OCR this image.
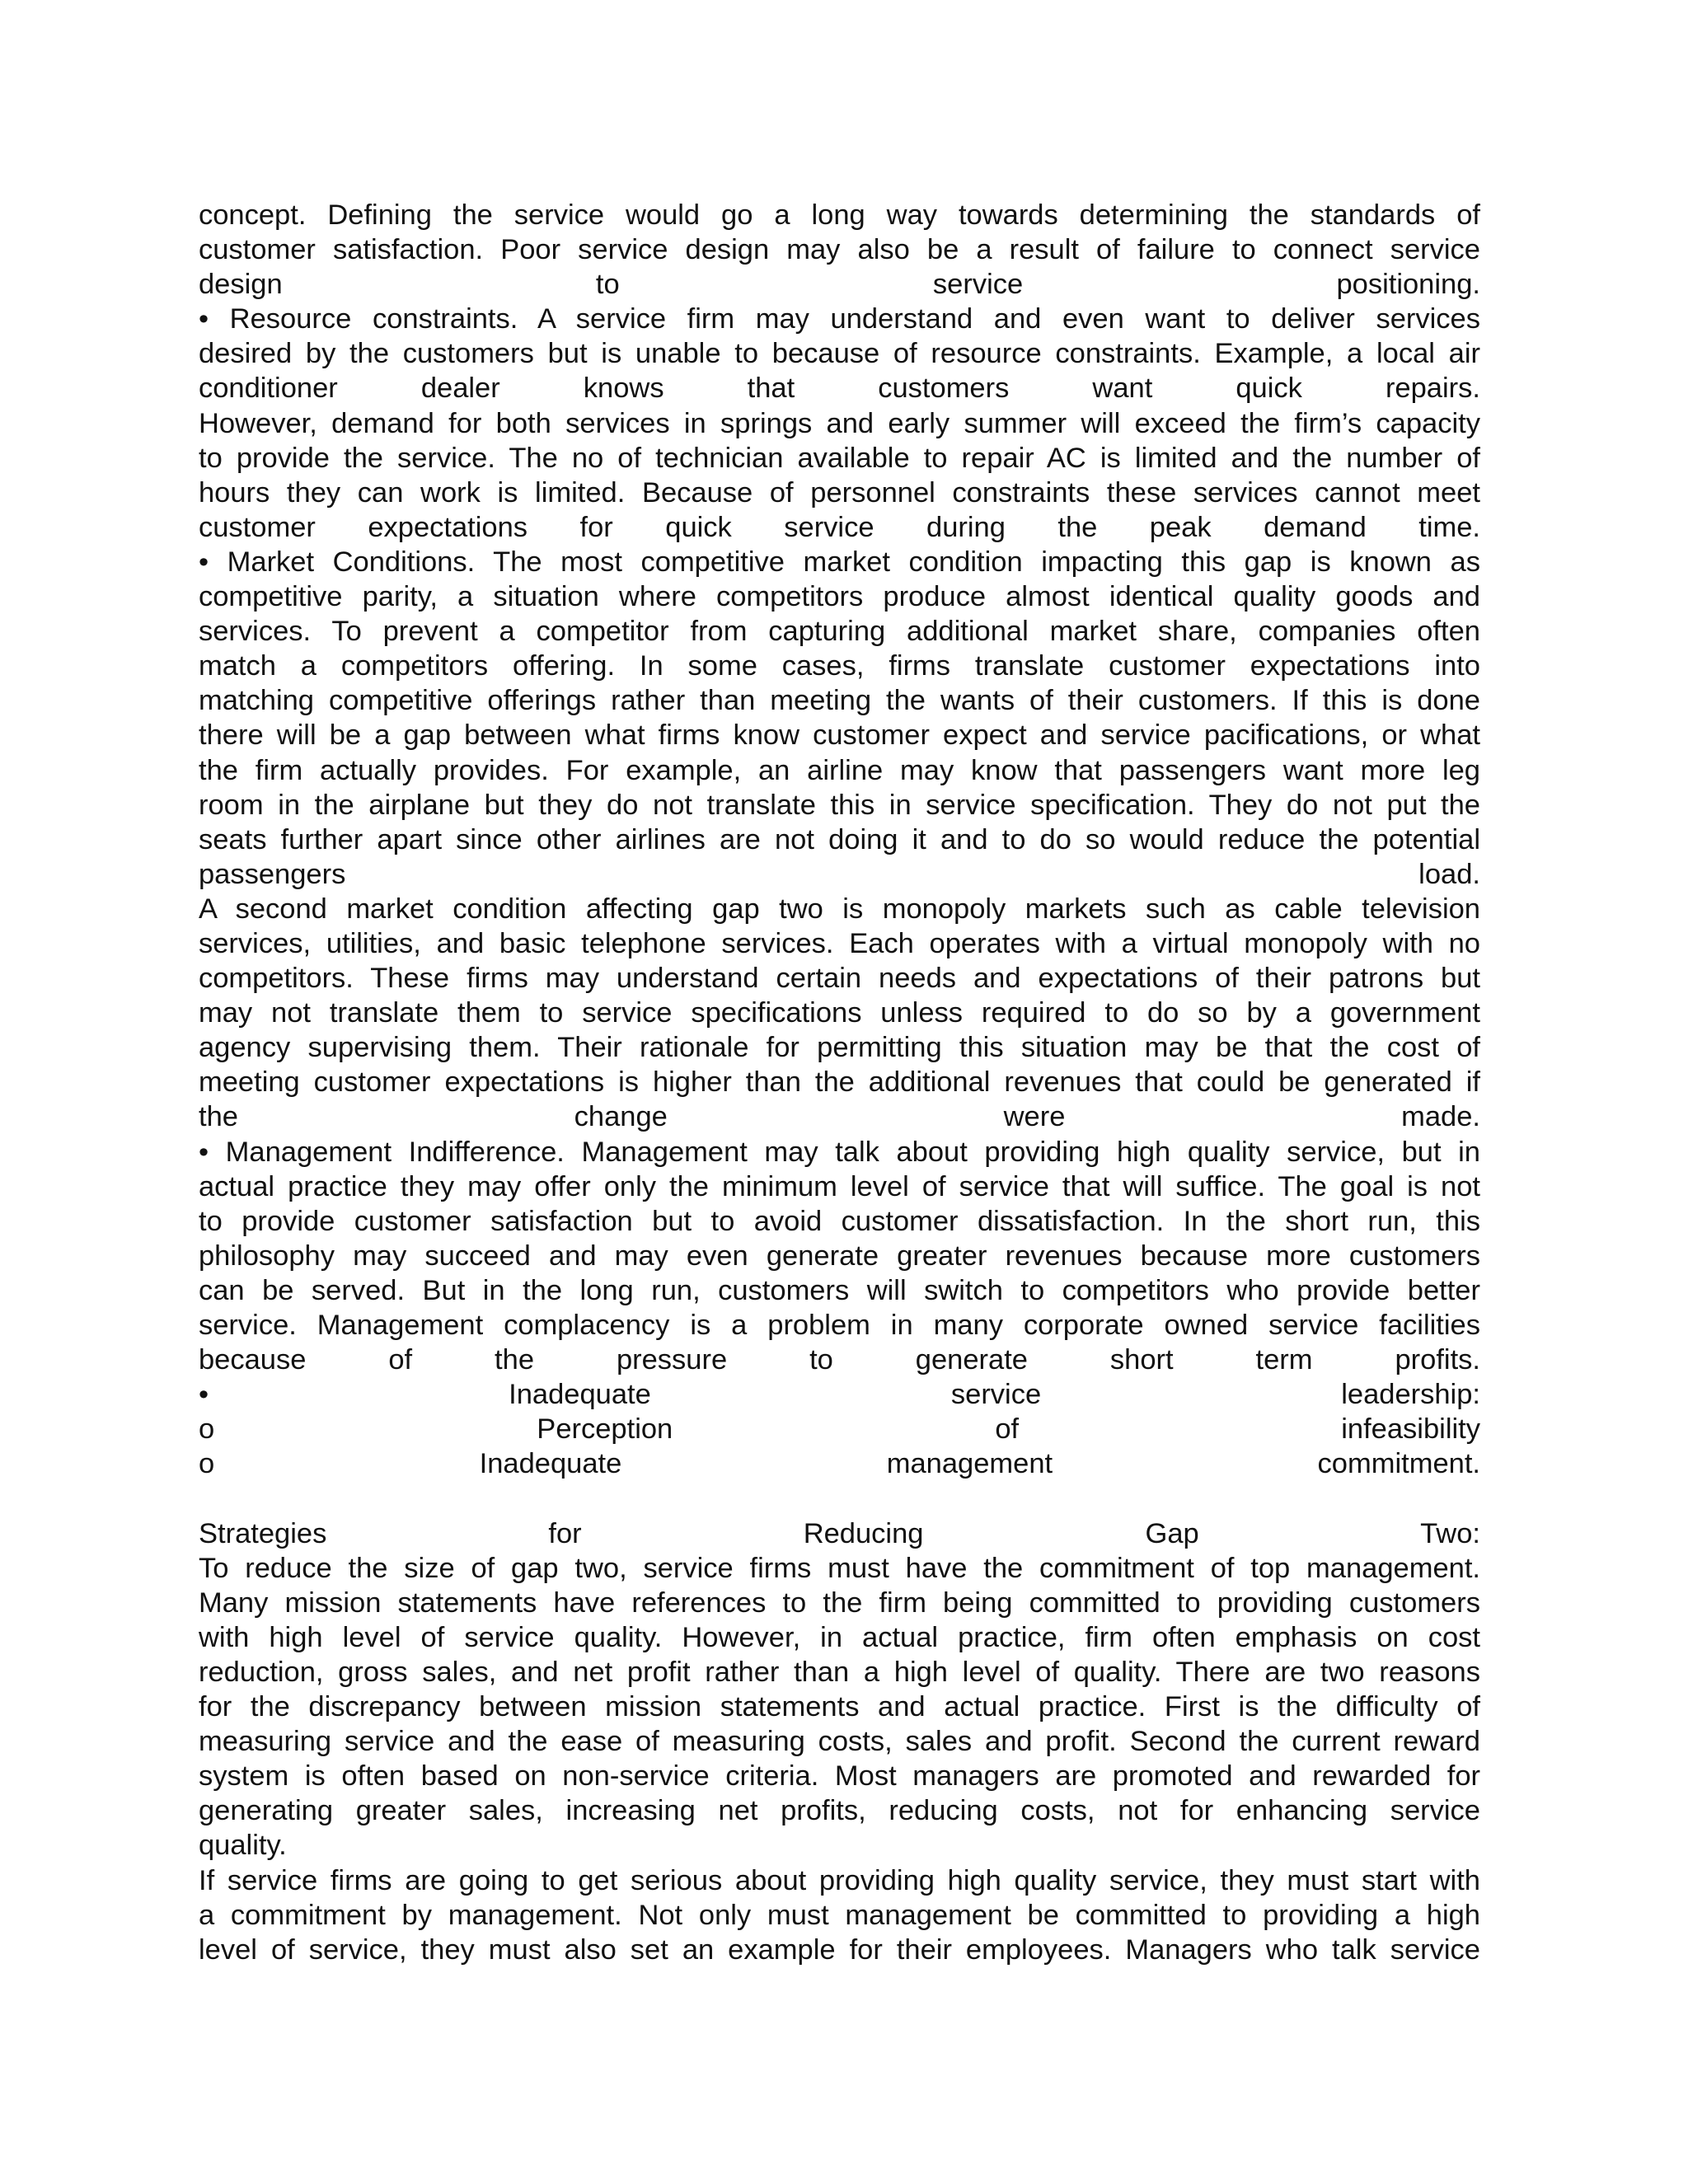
concept. Defining the service would go a long way towards determining the standards of
customer satisfaction. Poor service design may also be a result of failure to connect service
design to service positioning.
• Resource constraints. A service firm may understand and even want to deliver services
desired by the customers but is unable to because of resource constraints. Example, a local air
conditioner dealer knows that customers want quick repairs.
However, demand for both services in springs and early summer will exceed the firm’s capacity
to provide the service. The no of technician available to repair AC is limited and the number of
hours they can work is limited. Because of personnel constraints these services cannot meet
customer expectations for quick service during the peak demand time.
• Market Conditions. The most competitive market condition impacting this gap is known as
competitive parity, a situation where competitors produce almost identical quality goods and
services. To prevent a competitor from capturing additional market share, companies often
match a competitors offering. In some cases, firms translate customer expectations into
matching competitive offerings rather than meeting the wants of their customers. If this is done
there will be a gap between what firms know customer expect and service pacifications, or what
the firm actually provides. For example, an airline may know that passengers want more leg
room in the airplane but they do not translate this in service specification. They do not put the
seats further apart since other airlines are not doing it and to do so would reduce the potential
passengers load.
A second market condition affecting gap two is monopoly markets such as cable television
services, utilities, and basic telephone services. Each operates with a virtual monopoly with no
competitors. These firms may understand certain needs and expectations of their patrons but
may not translate them to service specifications unless required to do so by a government
agency supervising them. Their rationale for permitting this situation may be that the cost of
meeting customer expectations is higher than the additional revenues that could be generated if
the change were made.
• Management Indifference. Management may talk about providing high quality service, but in
actual practice they may offer only the minimum level of service that will suffice. The goal is not
to provide customer satisfaction but to avoid customer dissatisfaction. In the short run, this
philosophy may succeed and may even generate greater revenues because more customers
can be served. But in the long run, customers will switch to competitors who provide better
service. Management complacency is a problem in many corporate owned service facilities
because of the pressure to generate short term profits.
• Inadequate service leadership:
o Perception of infeasibility
o Inadequate management commitment.
Strategies for Reducing Gap Two:
To reduce the size of gap two, service firms must have the commitment of top management.
Many mission statements have references to the firm being committed to providing customers
with high level of service quality. However, in actual practice, firm often emphasis on cost
reduction, gross sales, and net profit rather than a high level of quality. There are two reasons
for the discrepancy between mission statements and actual practice. First is the difficulty of
measuring service and the ease of measuring costs, sales and profit. Second the current reward
system is often based on non-service criteria. Most managers are promoted and rewarded for
generating greater sales, increasing net profits, reducing costs, not for enhancing service
quality.
If service firms are going to get serious about providing high quality service, they must start with
a commitment by management. Not only must management be committed to providing a high
level of service, they must also set an example for their employees. Managers who talk service
